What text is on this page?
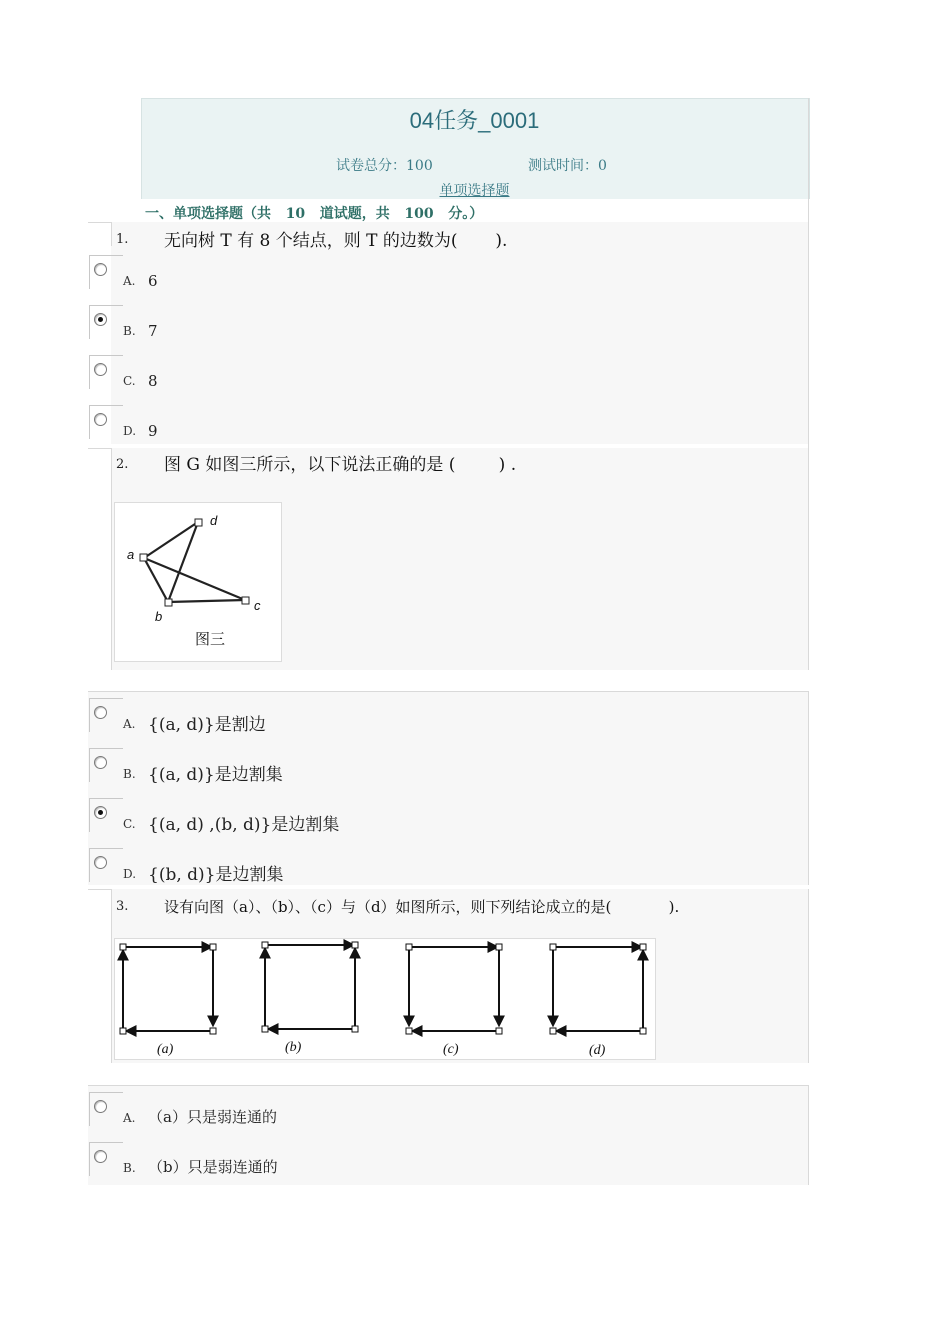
04任务_0001
试卷总分：100	测试时间：0
单项选择题
一、单项选择题（共   10   道试题，共   100   分。）
1. 无向树 T 有 8 个结点，则 T 的边数为(       ).
A. 6
B. 7
C. 8
D. 9
2. 图 G 如图三所示，以下说法正确的是 (        ) .
a
d
b
c
图三
A. {(a, d)}是割边
B. {(a, d)}是边割集
C. {(a, d) ,(b, d)}是边割集
D. {(b, d)}是边割集
3. 设有向图（a）、（b）、（c）与（d）如图所示，则下列结论成立的是(            ).
(a)	(b)	(c)	(d)
A. （a）只是弱连通的
B. （b）只是弱连通的
